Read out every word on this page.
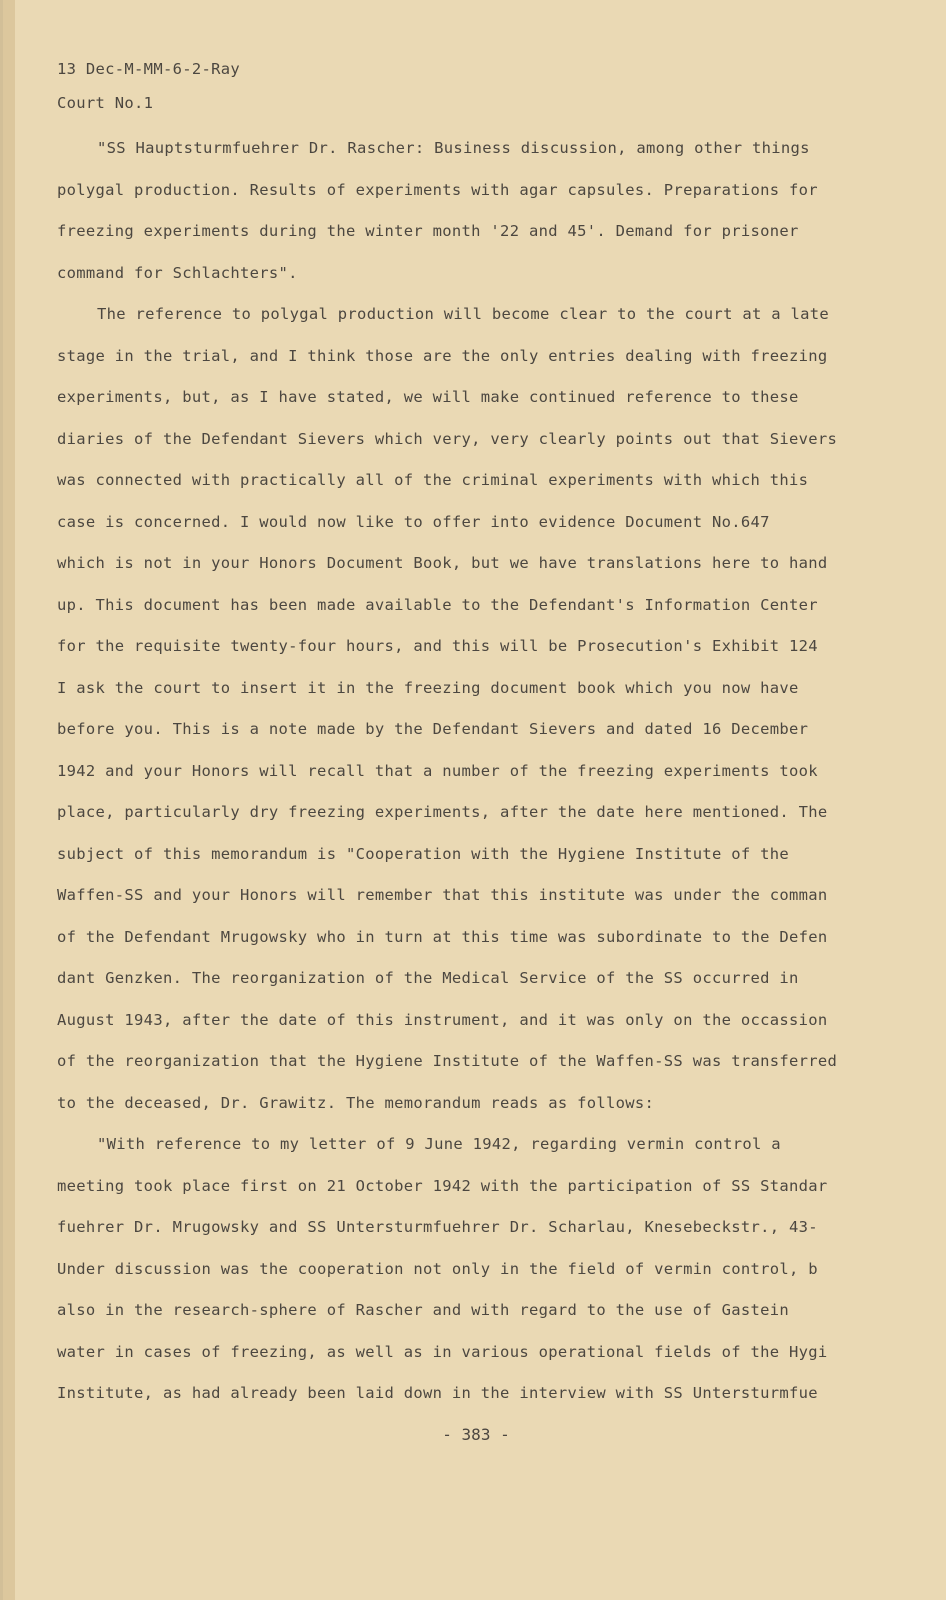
13 Dec-M-MM-6-2-Ray
Court No.1
"SS Hauptsturmfuehrer Dr. Rascher: Business discussion, among other things
polygal production. Results of experiments with agar capsules. Preparations for
freezing experiments during the winter month '22 and 45'. Demand for prisoner
command for Schlachters".
The reference to polygal production will become clear to the court at a late
stage in the trial, and I think those are the only entries dealing with freezing
experiments, but, as I have stated, we will make continued reference to these
diaries of the Defendant Sievers which very, very clearly points out that Sievers
was connected with practically all of the criminal experiments with which this
case is concerned. I would now like to offer into evidence Document No.647
which is not in your Honors Document Book, but we have translations here to hand
up. This document has been made available to the Defendant's Information Center
for the requisite twenty-four hours, and this will be Prosecution's Exhibit 124
I ask the court to insert it in the freezing document book which you now have
before you. This is a note made by the Defendant Sievers and dated 16 December
1942 and your Honors will recall that a number of the freezing experiments took
place, particularly dry freezing experiments, after the date here mentioned. The
subject of this memorandum is "Cooperation with the Hygiene Institute of the
Waffen-SS and your Honors will remember that this institute was under the comman
of the Defendant Mrugowsky who in turn at this time was subordinate to the Defen
dant Genzken. The reorganization of the Medical Service of the SS occurred in
August 1943, after the date of this instrument, and it was only on the occassion
of the reorganization that the Hygiene Institute of the Waffen-SS was transferred
to the deceased, Dr. Grawitz. The memorandum reads as follows:
"With reference to my letter of 9 June 1942, regarding vermin control a
meeting took place first on 21 October 1942 with the participation of SS Standar
fuehrer Dr. Mrugowsky and SS Untersturmfuehrer Dr. Scharlau, Knesebeckstr., 43-
Under discussion was the cooperation not only in the field of vermin control, b
also in the research-sphere of Rascher and with regard to the use of Gastein
water in cases of freezing, as well as in various operational fields of the Hygi
Institute, as had already been laid down in the interview with SS Untersturmfue
- 383 -
